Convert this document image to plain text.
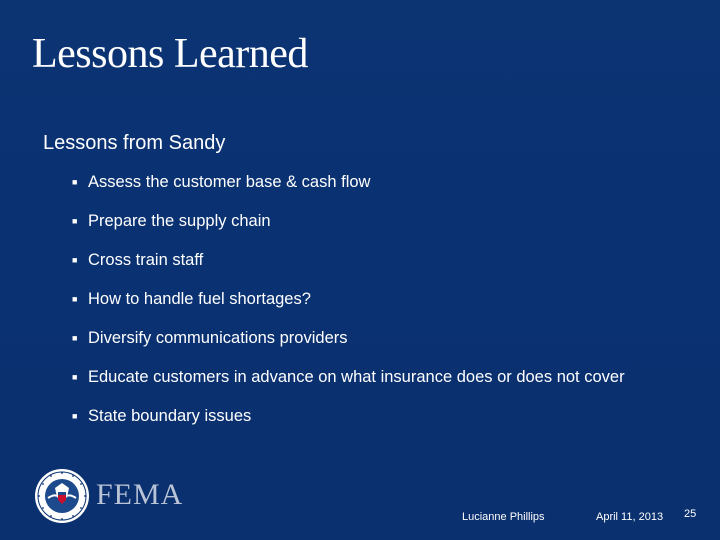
Lessons Learned
Lessons from Sandy
■ Assess the customer base & cash flow
■ Prepare the supply chain
■ Cross train staff
■ How to handle fuel shortages?
■ Diversify communications providers
■ Educate customers in advance on what insurance does or does not cover
■ State boundary issues
FEMA
Lucianne Phillips	April 11, 2013 25
